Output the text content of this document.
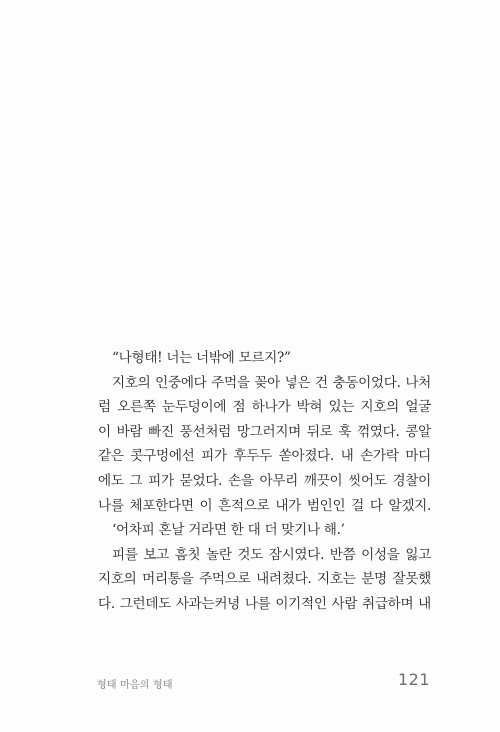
“나형태! 너는 너밖에 모르지?”

지호의 인중에다 주먹을 꽂아 넣은 건 충동이었다. 나처

럼 오른쪽 눈두덩이에 점 하나가 박혀 있는 지호의 얼굴

이 바람 빠진 풍선처럼 망그러지며 뒤로 훅 꺾였다. 콩알

같은 콧구멍에선 피가 후두두 쏟아졌다. 내 손가락 마디

에도 그 피가 묻었다. 손을 아무리 깨끗이 씻어도 경찰이

나를 체포한다면 이 흔적으로 내가 범인인 걸 다 알겠지.

‘어차피 혼날 거라면 한 대 더 맞기나 해.’

피를 보고 흠칫 놀란 것도 잠시였다. 반쯤 이성을 잃고

지호의 머리통을 주먹으로 내려쳤다. 지호는 분명 잘못했

다. 그런데도 사과는커녕 나를 이기적인 사람 취급하며 내

형태 마음의 형태	121
